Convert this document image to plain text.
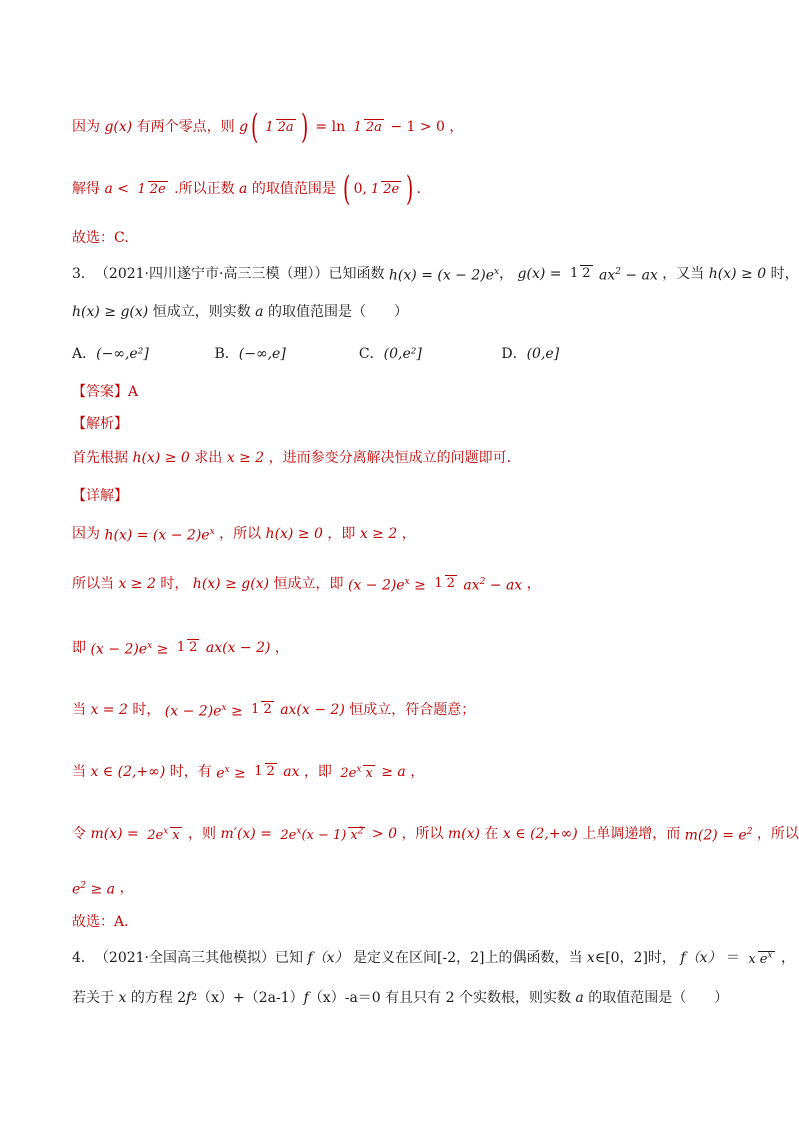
因为 g(x) 有两个零点，则 g( 1 2a ) = ln 1 2a − 1 > 0 ，
解得 a < 1 2e .所以正数 a 的取值范围是 ( 0, 1 2e ) .
故选：C.
3．（2021·四川遂宁市·高三三模（理））已知函数 $h(x) = (x - 2)e^x$， g(x) = 1 2 $ax^2$ − ax ，又当 h(x) ≥ 0 时，
h(x) ≥ g(x) 恒成立，则实数 a 的取值范围是（　　）
A．(−∞,e²]	B．(−∞,e]	C．(0,e²]	D．(0,e]
【答案】A
【解析】
首先根据 h(x) ≥ 0 求出 x ≥ 2 ，进而参变分离解决恒成立的问题即可.
【详解】
因为 $h(x) = (x - 2)e^x$ ，所以 h(x) ≥ 0 ，即 x ≥ 2 ，
所以当 x ≥ 2 时， h(x) ≥ g(x) 恒成立，即 $(x - 2)e^x \ge 1$ 2 $ax^2$ − ax ，
即 $(x - 2)e^x \ge 1$ 2 ax(x − 2) ，
当 x = 2 时， $(x - 2)e^x \ge 1$ 2 ax(x − 2) 恒成立，符合题意；
当 x ∈ (2,+∞) 时，有 $e^x \ge 1$ 2 ax ，即 $2e^x$ x ≥ a ，
令 $m(x) = 2e^x$ x ，则 $m'(x) = 2e^x(x - 1) x^2 > 0$ ，所以 m(x) 在 x ∈ (2,+∞) 上单调递增，而 $m(2) = e^2$ ，所以
$e^2 \ge a$ ，
故选：A.
4．（2021·全国高三其他模拟）已知 f（x） 是定义在区间[-2，2]上的偶函数，当 x∈[0，2]时， f（x） ＝ x $e^x$ ，
若关于 x 的方程 2f2（x）+（2a-1）f（x）-a＝0 有且只有 2 个实数根，则实数 a 的取值范围是（　　）
